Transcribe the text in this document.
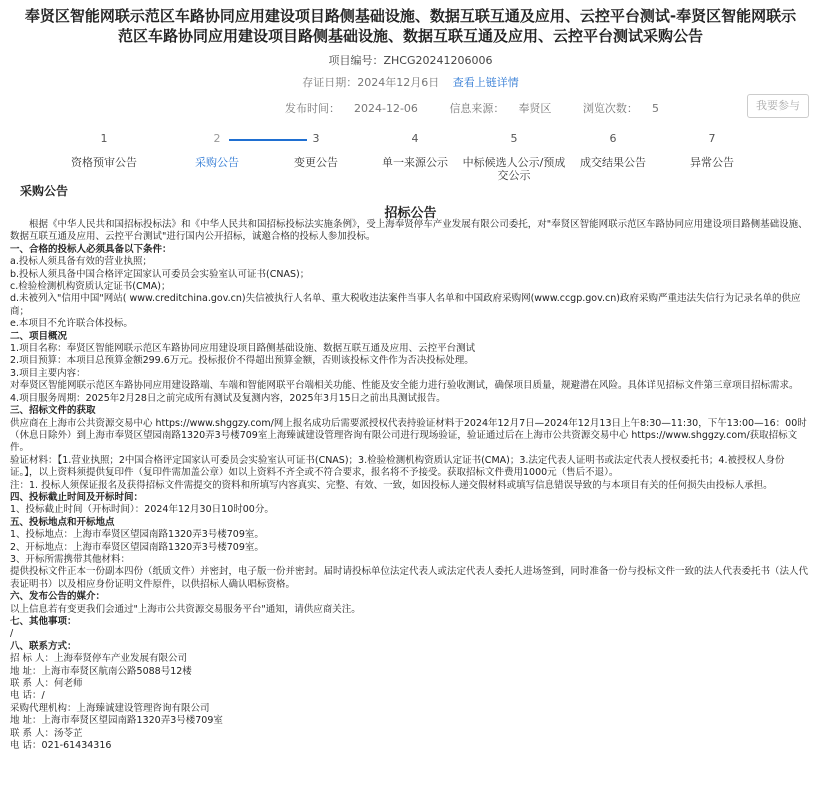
奉贤区智能网联示范区车路协同应用建设项目路侧基础设施、数据互联互通及应用、云控平台测试-奉贤区智能网联示范区车路协同应用建设项目路侧基础设施、数据互联互通及应用、云控平台测试采购公告
项目编号：ZHCG20241206006
存证日期：2024年12月6日 查看上链详情
发布时间： 2024-12-06	信息来源： 奉贤区	浏览次数： 5	我要参与
1
资格预审公告
2
采购公告
3
变更公告
4
单一来源公示
5
中标候选人公示/预成交公示
6
成交结果公告
7
异常公告
采购公告
招标公告

根据《中华人民共和国招标投标法》和《中华人民共和国招标投标法实施条例》，受上海奉贤停车产业发展有限公司委托，对"奉贤区智能网联示范区车路协同应用建设项目路侧基础设施、数据互联互通及应用、云控平台测试"进行国内公开招标，诚邀合格的投标人参加投标。

一、合格的投标人必须具备以下条件：

a.投标人须具备有效的营业执照；

b.投标人须具备中国合格评定国家认可委员会实验室认可证书(CNAS)；

c.检验检测机构资质认定证书(CMA)；

d.未被列入"信用中国"网站( www.creditchina.gov.cn)失信被执行人名单、重大税收违法案件当事人名单和中国政府采购网(www.ccgp.gov.cn)政府采购严重违法失信行为记录名单的供应商；

e.本项目不允许联合体投标。

二、项目概况

1.项目名称：奉贤区智能网联示范区车路协同应用建设项目路侧基础设施、数据互联互通及应用、云控平台测试

2.项目预算：本项目总预算金额299.6万元。投标报价不得超出预算金额，否则该投标文件作为否决投标处理。

3.项目主要内容：

对奉贤区智能网联示范区车路协同应用建设路端、车端和智能网联平台端相关功能、性能及安全能力进行验收测试，确保项目质量，规避潜在风险。具体详见招标文件第三章项目招标需求。

4.项目服务周期：2025年2月28日之前完成所有测试及复测内容，2025年3月15日之前出具测试报告。

三、招标文件的获取

供应商在上海市公共资源交易中心 https://www.shggzy.com/网上报名成功后需要派授权代表持验证材料于2024年12月7日—2024年12月13日上午8:30—11:30，下午13:00—16：00时（休息日除外）到上海市奉贤区望园南路1320弄3号楼709室上海臻诚建设管理咨询有限公司进行现场验证，验证通过后在上海市公共资源交易中心 https://www.shggzy.com/获取招标文件。

验证材料：【1.营业执照；2中国合格评定国家认可委员会实验室认可证书(CNAS)；3.检验检测机构资质认定证书(CMA)；3.法定代表人证明书或法定代表人授权委托书；4.被授权人身份证。】，以上资料须提供复印件（复印件需加盖公章）如以上资料不齐全或不符合要求，报名将不予接受。获取招标文件费用1000元（售后不退）。

注：1. 投标人须保证报名及获得招标文件需提交的资料和所填写内容真实、完整、有效、一致，如因投标人递交假材料或填写信息错误导致的与本项目有关的任何损失由投标人承担。

四、投标截止时间及开标时间：

1、投标截止时间（开标时间）：2024年12月30日10时00分。

五、投标地点和开标地点

1、投标地点：上海市奉贤区望园南路1320弄3号楼709室。

2、开标地点：上海市奉贤区望园南路1320弄3号楼709室。

3、开标所需携带其他材料：

提供投标文件正本一份副本四份（纸质文件）并密封，电子版一份并密封。届时请投标单位法定代表人或法定代表人委托人进场签到，同时准备一份与投标文件一致的法人代表委托书（法人代表证明书）以及相应身份证明文件原件，以供招标人确认唱标资格。

六、发布公告的媒介：

以上信息若有变更我们会通过"上海市公共资源交易服务平台"通知，请供应商关注。

七、其他事项：

/

八、联系方式：

招 标 人：上海奉贤停车产业发展有限公司

地 址：上海市奉贤区航南公路5088号12楼

联 系 人：何老师

电 话：/

采购代理机构：上海臻诚建设管理咨询有限公司

地 址：上海市奉贤区望园南路1320弄3号楼709室

联 系 人：汤苓芷

电 话：021-61434316
